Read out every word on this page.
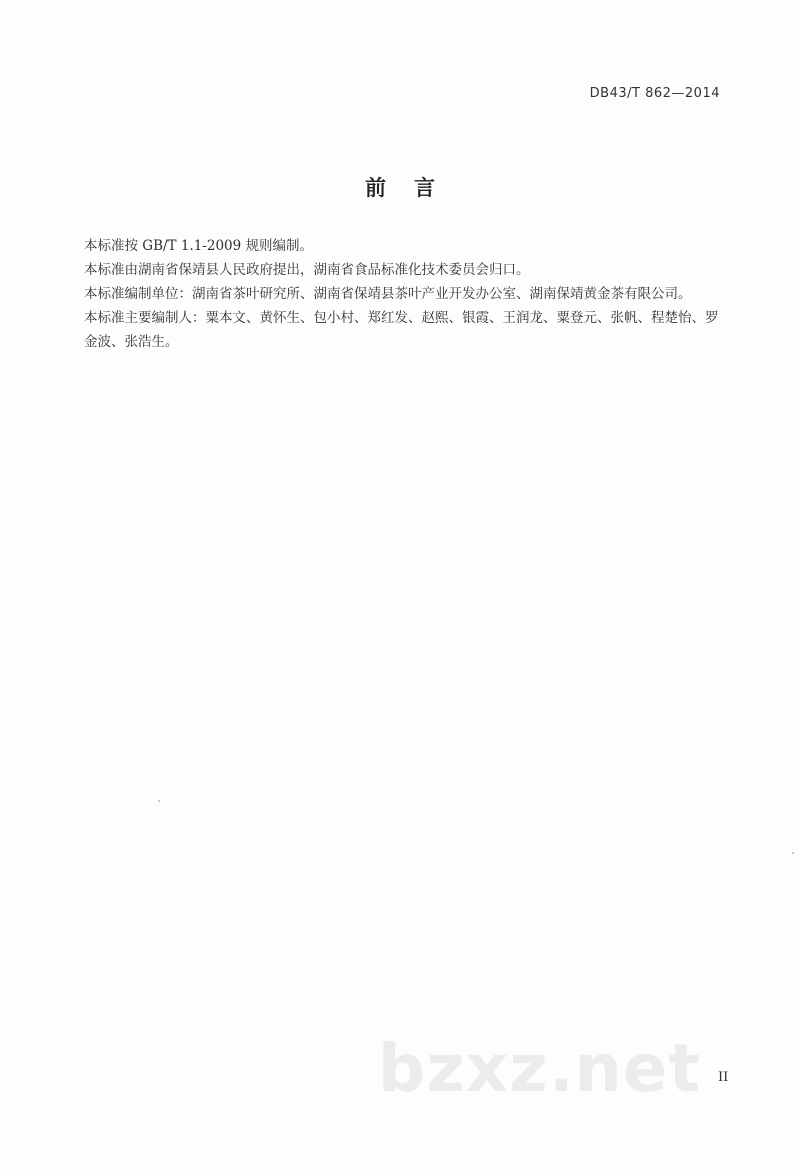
DB43/T 862—2014
前言

本标准按 GB/T 1.1-2009 规则编制。

本标准由湖南省保靖县人民政府提出，湖南省食品标准化技术委员会归口。

本标准编制单位：湖南省茶叶研究所、湖南省保靖县茶叶产业开发办公室、湖南保靖黄金茶有限公司。

本标准主要编制人：粟本文、黄怀生、包小村、郑红发、赵熙、银霞、王润龙、粟登元、张帆、程楚怡、罗金波、张浩生。

bzxz.net II
